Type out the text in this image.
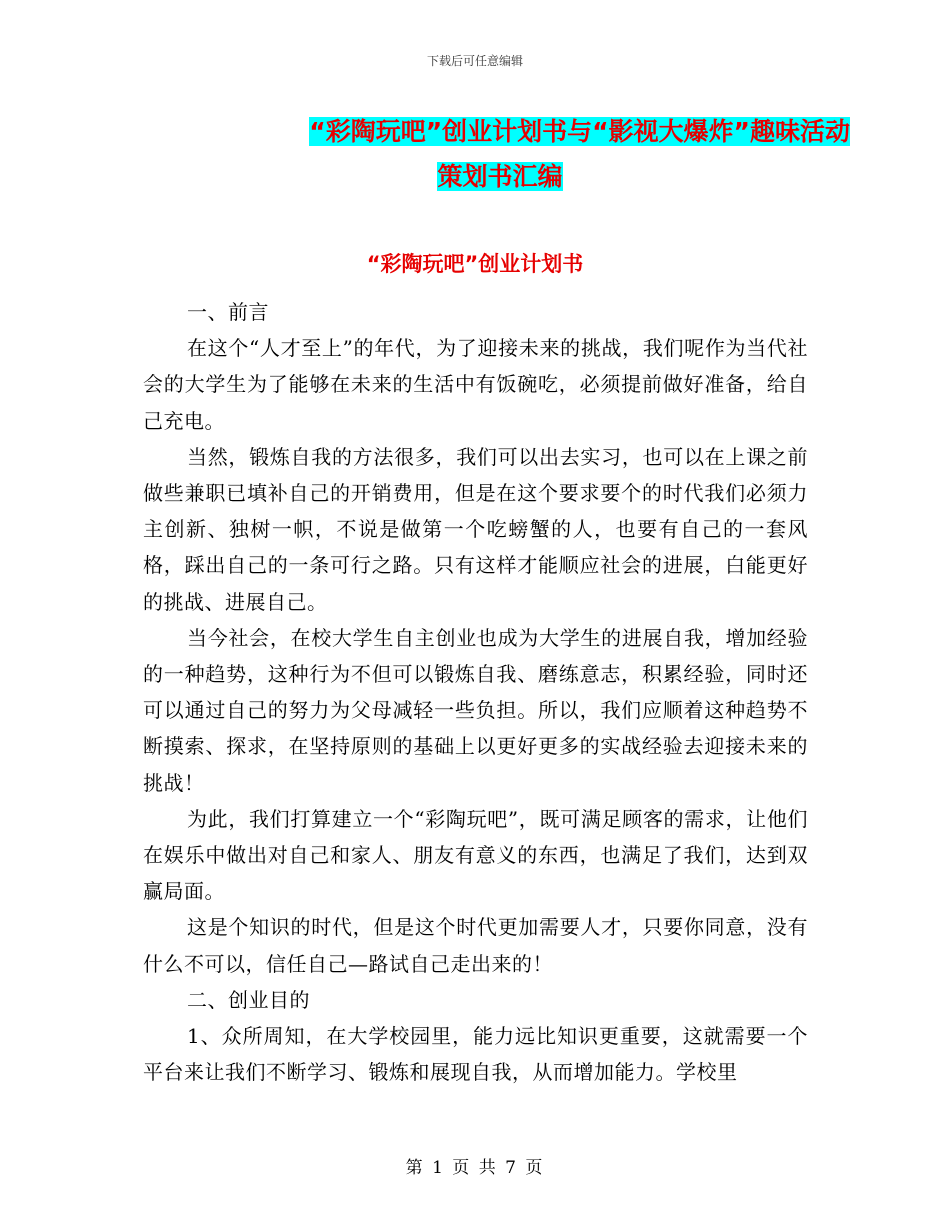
下载后可任意编辑
“彩陶玩吧”创业计划书与“影视大爆炸”趣味活动
策划书汇编
“彩陶玩吧”创业计划书

一、前言

在这个“人才至上”的年代，为了迎接未来的挑战，我们呢作为当代社会的大学生为了能够在未来的生活中有饭碗吃，必须提前做好准备，给自己充电。

当然，锻炼自我的方法很多，我们可以出去实习，也可以在上课之前做些兼职已填补自己的开销费用，但是在这个要求要个的时代我们必须力主创新、独树一帜，不说是做第一个吃螃蟹的人，也要有自己的一套风格，踩出自己的一条可行之路。只有这样才能顺应社会的进展，白能更好的挑战、进展自己。

当今社会，在校大学生自主创业也成为大学生的进展自我，增加经验的一种趋势，这种行为不但可以锻炼自我、磨练意志，积累经验，同时还可以通过自己的努力为父母减轻一些负担。所以，我们应顺着这种趋势不断摸索、探求，在坚持原则的基础上以更好更多的实战经验去迎接未来的挑战！

为此，我们打算建立一个“彩陶玩吧”，既可满足顾客的需求，让他们在娱乐中做出对自己和家人、朋友有意义的东西，也满足了我们，达到双赢局面。

这是个知识的时代，但是这个时代更加需要人才，只要你同意，没有什么不可以，信任自己—路试自己走出来的！

二、创业目的

1、众所周知，在大学校园里，能力远比知识更重要，这就需要一个平台来让我们不断学习、锻炼和展现自我，从而增加能力。学校里

第 1 页 共 7 页
